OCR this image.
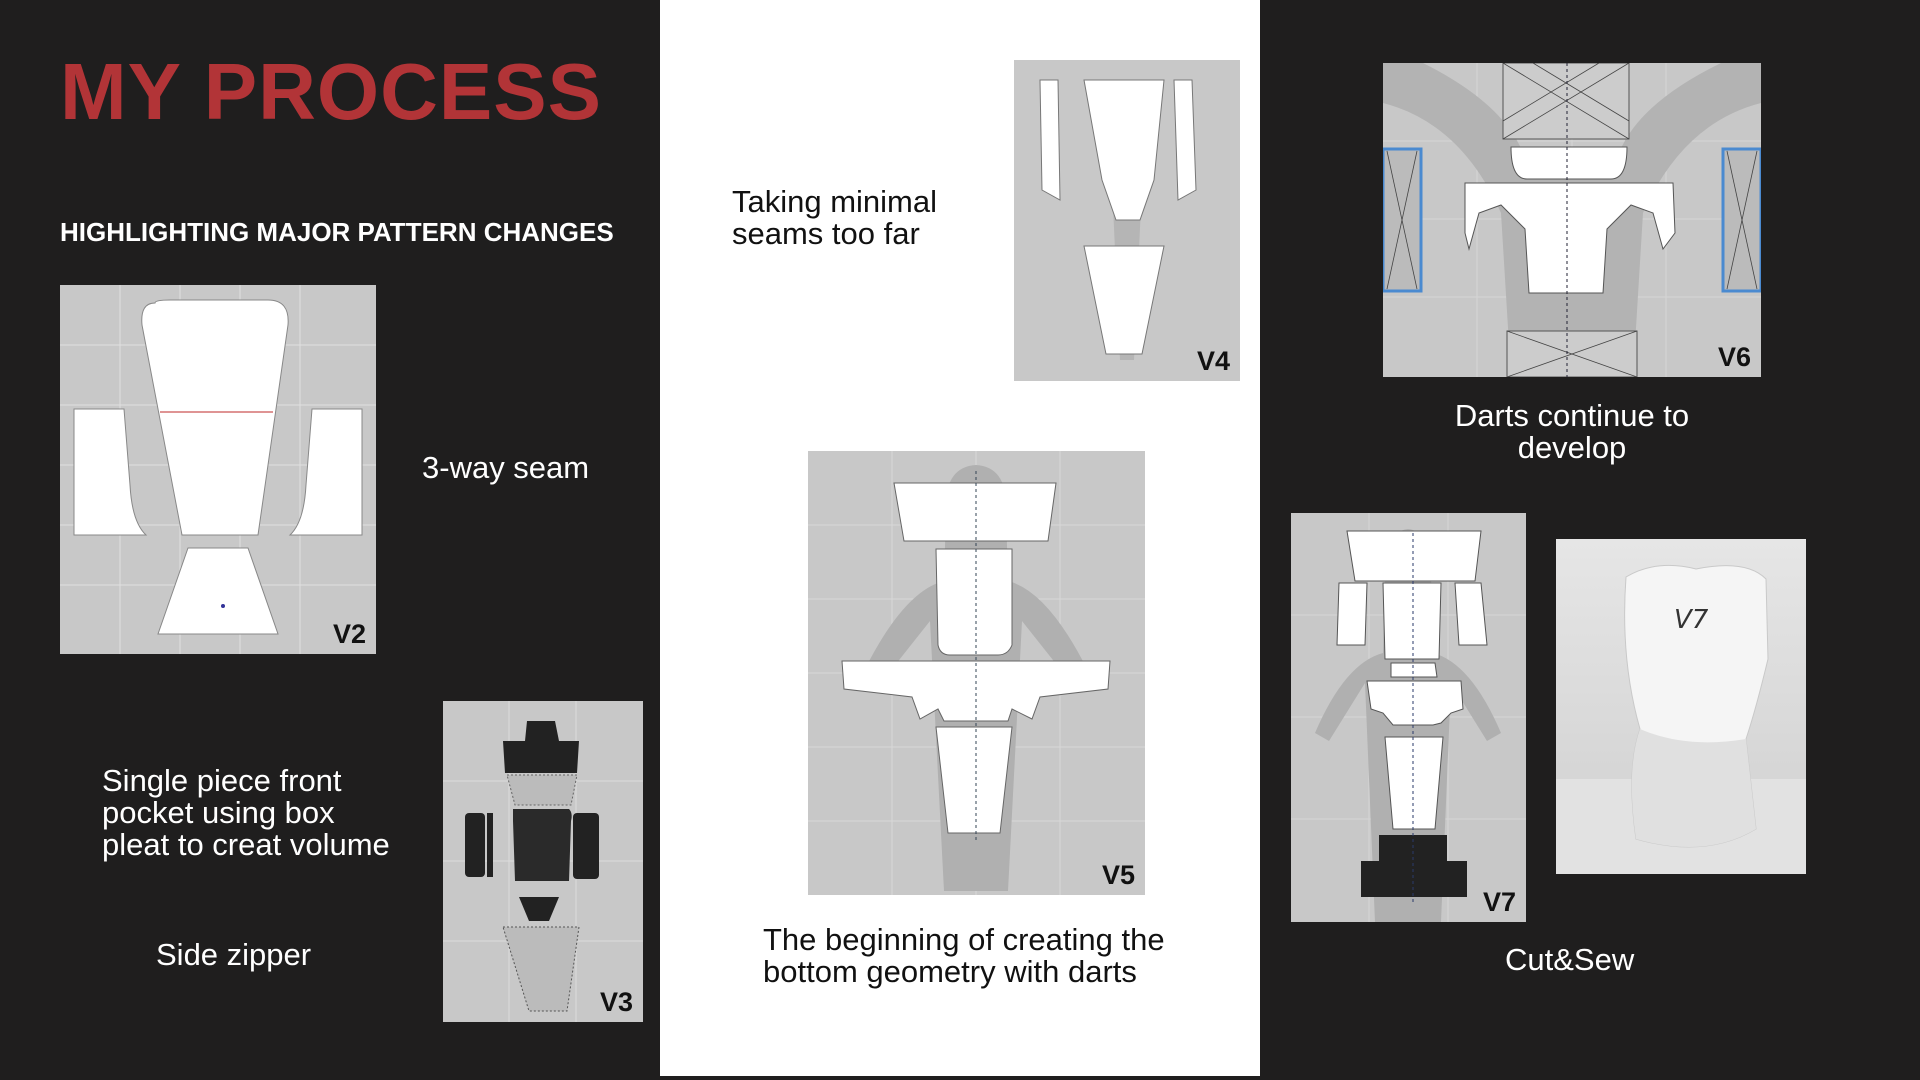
MY PROCESS
HIGHLIGHTING MAJOR PATTERN CHANGES
V2
3-way seam
V3
Single piece front
pocket using box
pleat to creat volume
Side zipper
Taking minimal
seams too far
V4
V5
The beginning of creating the
bottom geometry with darts
V6
Darts continue to
develop
V7
V7
Cut&Sew
